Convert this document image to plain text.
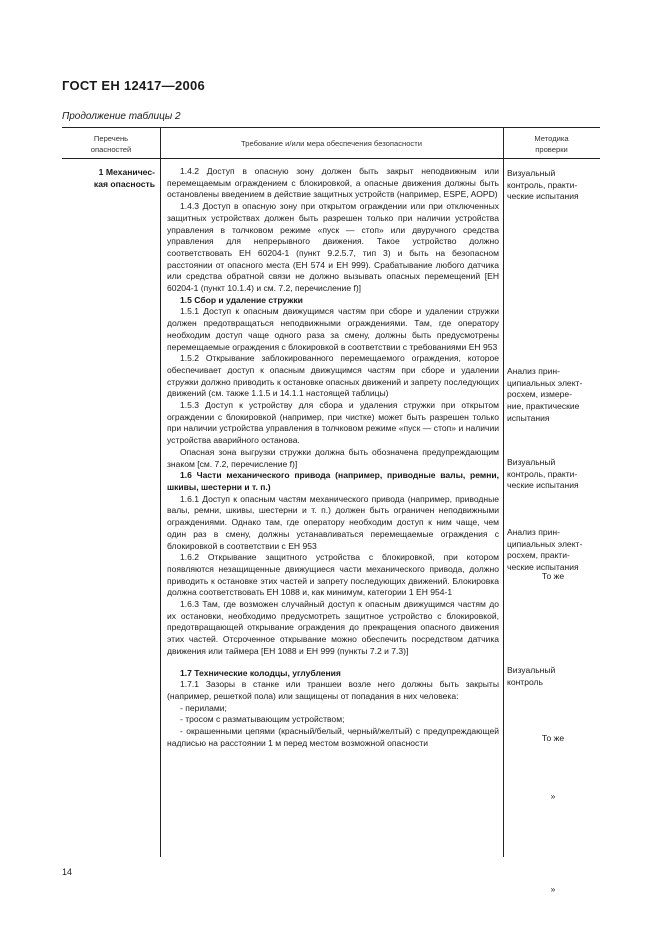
ГОСТ ЕН 12417—2006
Продолжение таблицы 2
Перечень
опасностей
Требование и/или мера обеспечения безопасности
Методика
проверки
1 Механичес-
кая опасность

1.4.2 Доступ в опасную зону должен быть закрыт неподвижным или перемещаемым ограждением с блокировкой, а опасные движения должны быть остановлены введением в действие защитных устройств (например, ESPE, AOPD)

1.4.3 Доступ в опасную зону при открытом ограждении или при отключенных защитных устройствах должен быть разрешен только при наличии устройства управления в толчковом режиме «пуск — стоп» или двуручного средства управления для непрерывного движения. Такое устройство должно соответствовать ЕН 60204-1 (пункт 9.2.5.7, тип 3) и быть на безопасном расстоянии от опасного места (ЕН 574 и ЕН 999). Срабатывание любого датчика или средства обратной связи не должно вызывать опасных перемещений [ЕН 60204-1 (пункт 10.1.4) и см. 7.2, перечисление f)]

1.5 Сбор и удаление стружки

1.5.1 Доступ к опасным движущимся частям при сборе и удалении стружки должен предотвращаться неподвижными ограждениями. Там, где оператору необходим доступ чаще одного раза за смену, должны быть предусмотрены перемещаемые ограждения с блокировкой в соответствии с требованиями ЕН 953

1.5.2 Открывание заблокированного перемещаемого ограждения, которое обеспечивает доступ к опасным движущимся частям при сборе и удалении стружки должно приводить к остановке опасных движений и запрету последующих движений (см. также 1.1.5 и 14.1.1 настоящей таблицы)

1.5.3 Доступ к устройству для сбора и удаления стружки при открытом ограждении с блокировкой (например, при чистке) может быть разрешен только при наличии устройства управления в толчковом режиме «пуск — стоп» и наличии устройства аварийного останова.

Опасная зона выгрузки стружки должна быть обозначена предупреждающим знаком [см. 7.2, перечисление f)]

1.6 Части механического привода (например, приводные валы, ремни, шкивы, шестерни и т. п.)

1.6.1 Доступ к опасным частям механического привода (например, приводные валы, ремни, шкивы, шестерни и т. п.) должен быть ограничен неподвижными ограждениями. Однако там, где оператору необходим доступ к ним чаще, чем один раз в смену, должны устанавливаться перемещаемые ограждения с блокировкой в соответствии с ЕН 953

1.6.2 Открывание защитного устройства с блокировкой, при котором появляются незащищенные движущиеся части механического привода, должно приводить к остановке этих частей и запрету последующих движений. Блокировка должна соответствовать ЕН 1088 и, как минимум, категории 1 ЕН 954-1

1.6.3 Там, где возможен случайный доступ к опасным движущимся частям до их остановки, необходимо предусмотреть защитное устройство с блокировкой, предотвращающей открывание ограждения до прекращения опасного движения этих частей. Отсроченное открывание можно обеспечить посредством датчика движения или таймера [ЕН 1088 и ЕН 999 (пункты 7.2 и 7.3)]

1.7 Технические колодцы, углубления

1.7.1 Зазоры в станке или траншеи возле него должны быть закрыты (например, решеткой пола) или защищены от попадания в них человека:

- перилами;

- тросом с разматывающим устройством;

- окрашенными цепями (красный/белый, черный/желтый) с предупреждающей надписью на расстоянии 1 м перед местом возможной опасности

Визуальный
контроль, практи-
ческие испытания
Анализ прин-
ципиальных элект-
росхем, измере-
ние, практические
испытания
Визуальный
контроль, практи-
ческие испытания
Анализ прин-
ципиальных элект-
росхем, практи-
ческие испытания
То же
Визуальный
контроль
То же
»
»
14
